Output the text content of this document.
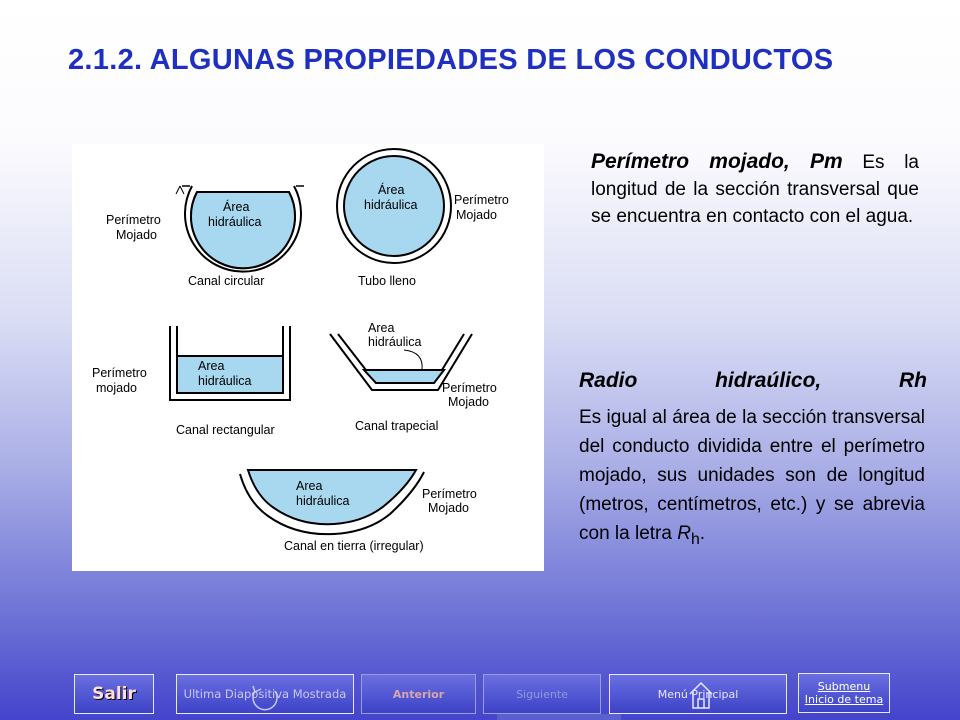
2.1.2. ALGUNAS PROPIEDADES DE LOS CONDUCTOS
Área
hidráulica
Perímetro
Mojado
Canal circular
Área
hidráulica	Perímetro
Mojado
Tubo lleno
Area
hidráulica
Perímetro
mojado
Canal rectangular
Area
hidráulica
Perímetro
Mojado
Canal trapecial
Area
hidráulica	Perímetro
Mojado
Canal en tierra (irregular)
Perímetro mojado, Pm Es la longitud de la sección transversal que se encuentra en contacto con el agua.
Radio	hidraúlico,	Rh
Es igual al área de la sección transversal del conducto dividida entre el perímetro mojado, sus unidades son de longitud (metros, centímetros, etc.) y se abrevia con la letra $R_h$.
Salir	Ultima Diapositiva Mostrada	Anterior	Siguiente	Menú Principal
Submenu
Inicio de tema
